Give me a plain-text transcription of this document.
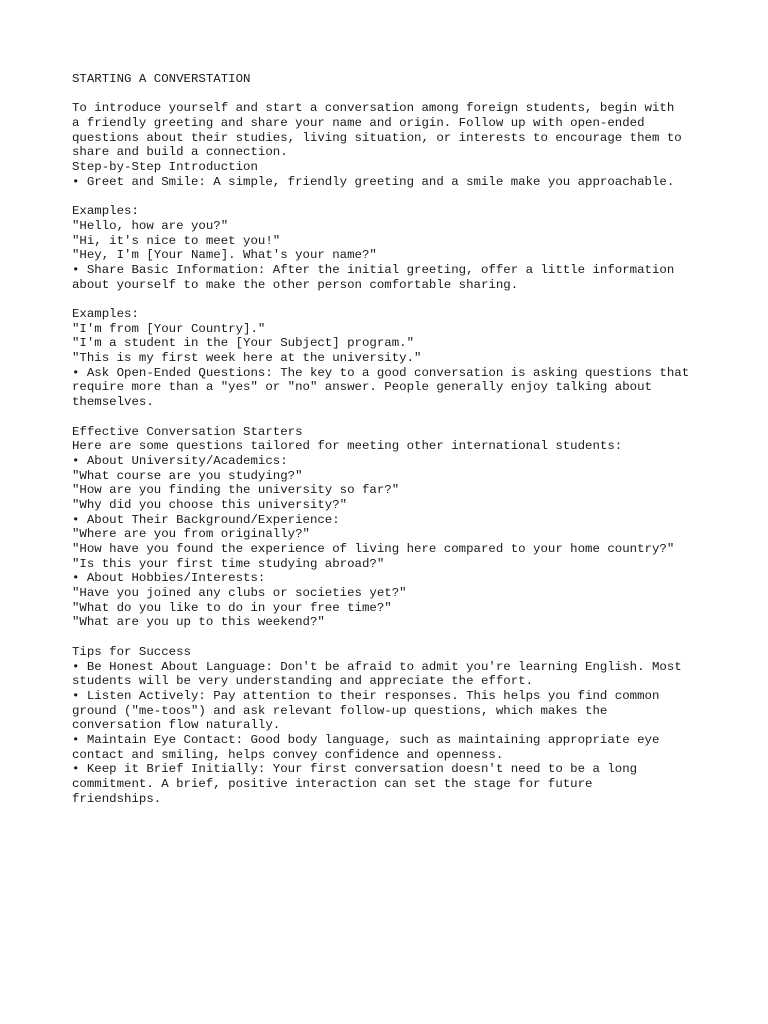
STARTING A CONVERSTATION
To introduce yourself and start a conversation among foreign students, begin with
a friendly greeting and share your name and origin. Follow up with open-ended
questions about their studies, living situation, or interests to encourage them to
share and build a connection.
Step-by-Step Introduction
• Greet and Smile: A simple, friendly greeting and a smile make you approachable.
Examples:
"Hello, how are you?"
"Hi, it's nice to meet you!"
"Hey, I'm [Your Name]. What's your name?"
• Share Basic Information: After the initial greeting, offer a little information
about yourself to make the other person comfortable sharing.
Examples:
"I'm from [Your Country]."
"I'm a student in the [Your Subject] program."
"This is my first week here at the university."
• Ask Open-Ended Questions: The key to a good conversation is asking questions that
require more than a "yes" or "no" answer. People generally enjoy talking about
themselves.
Effective Conversation Starters
Here are some questions tailored for meeting other international students:
• About University/Academics:
"What course are you studying?"
"How are you finding the university so far?"
"Why did you choose this university?"
• About Their Background/Experience:
"Where are you from originally?"
"How have you found the experience of living here compared to your home country?"
"Is this your first time studying abroad?"
• About Hobbies/Interests:
"Have you joined any clubs or societies yet?"
"What do you like to do in your free time?"
"What are you up to this weekend?"
Tips for Success
• Be Honest About Language: Don't be afraid to admit you're learning English. Most
students will be very understanding and appreciate the effort.
• Listen Actively: Pay attention to their responses. This helps you find common
ground ("me-toos") and ask relevant follow-up questions, which makes the
conversation flow naturally.
• Maintain Eye Contact: Good body language, such as maintaining appropriate eye
contact and smiling, helps convey confidence and openness.
• Keep it Brief Initially: Your first conversation doesn't need to be a long
commitment. A brief, positive interaction can set the stage for future
friendships.
